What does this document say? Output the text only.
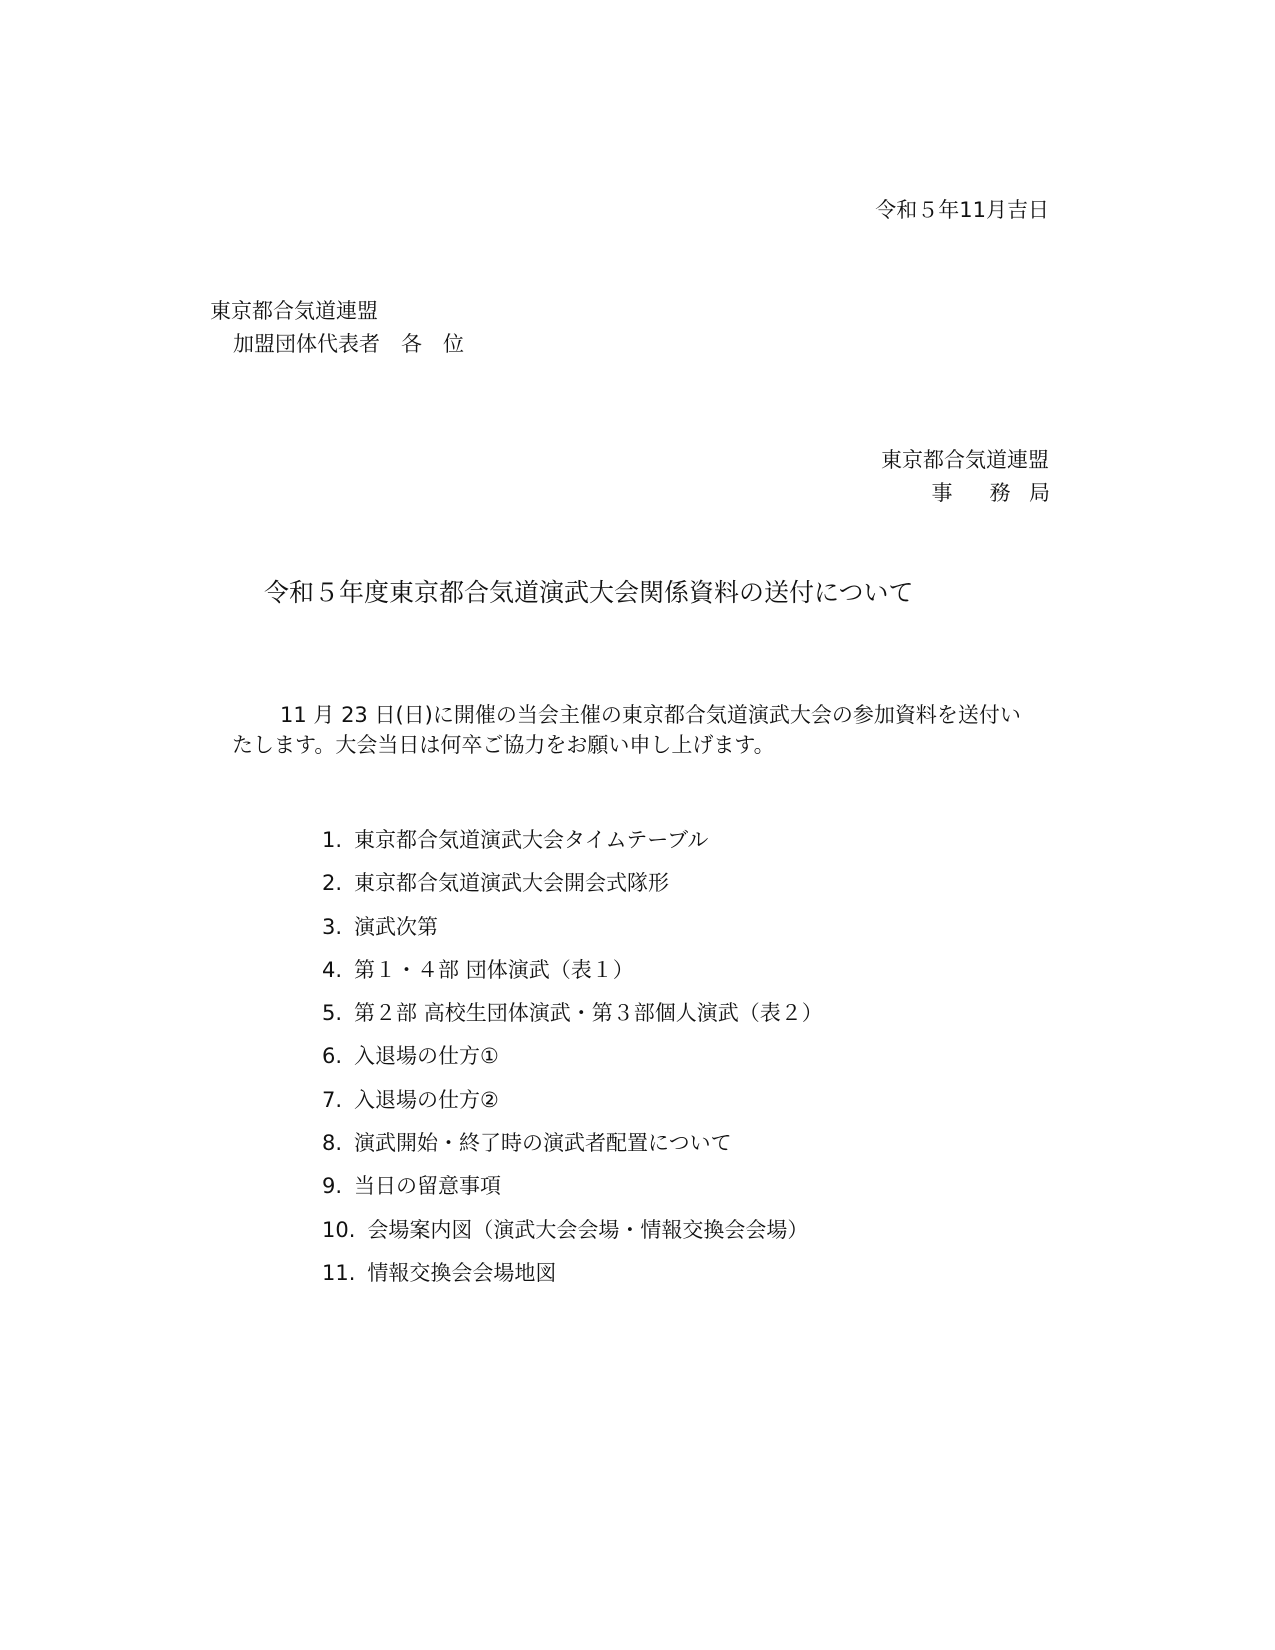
令和５年11月吉日
東京都合気道連盟
加盟団体代表者　各　位
東京都合気道連盟
事 務 局
令和５年度東京都合気道演武大会関係資料の送付について
11 月 23 日(日)に開催の当会主催の東京都合気道演武大会の参加資料を送付いたします。大会当日は何卒ご協力をお願い申し上げます。
1. 東京都合気道演武大会タイムテーブル
2. 東京都合気道演武大会開会式隊形
3. 演武次第
4. 第１・４部 団体演武（表１）
5. 第２部 高校生団体演武・第３部個人演武（表２）
6. 入退場の仕方①
7. 入退場の仕方②
8. 演武開始・終了時の演武者配置について
9. 当日の留意事項
10. 会場案内図（演武大会会場・情報交換会会場）
11. 情報交換会会場地図
